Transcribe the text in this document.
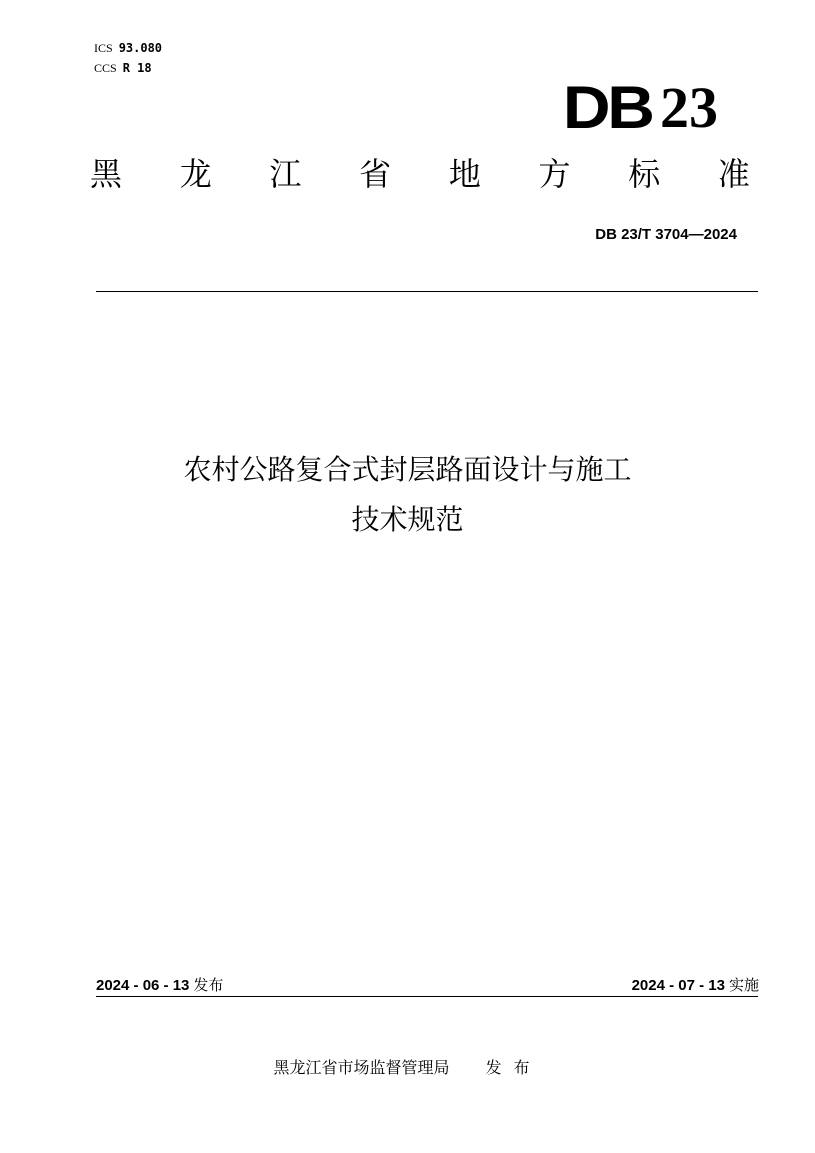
ICS 93.080
CCS R 18
DB 23
黑 龙 江 省 地 方 标 准
DB 23/T 3704—2024
农村公路复合式封层路面设计与施工
技术规范
2024 - 06 - 13 发布	2024 - 07 - 13 实施
黑龙江省市场监督管理局 发布
